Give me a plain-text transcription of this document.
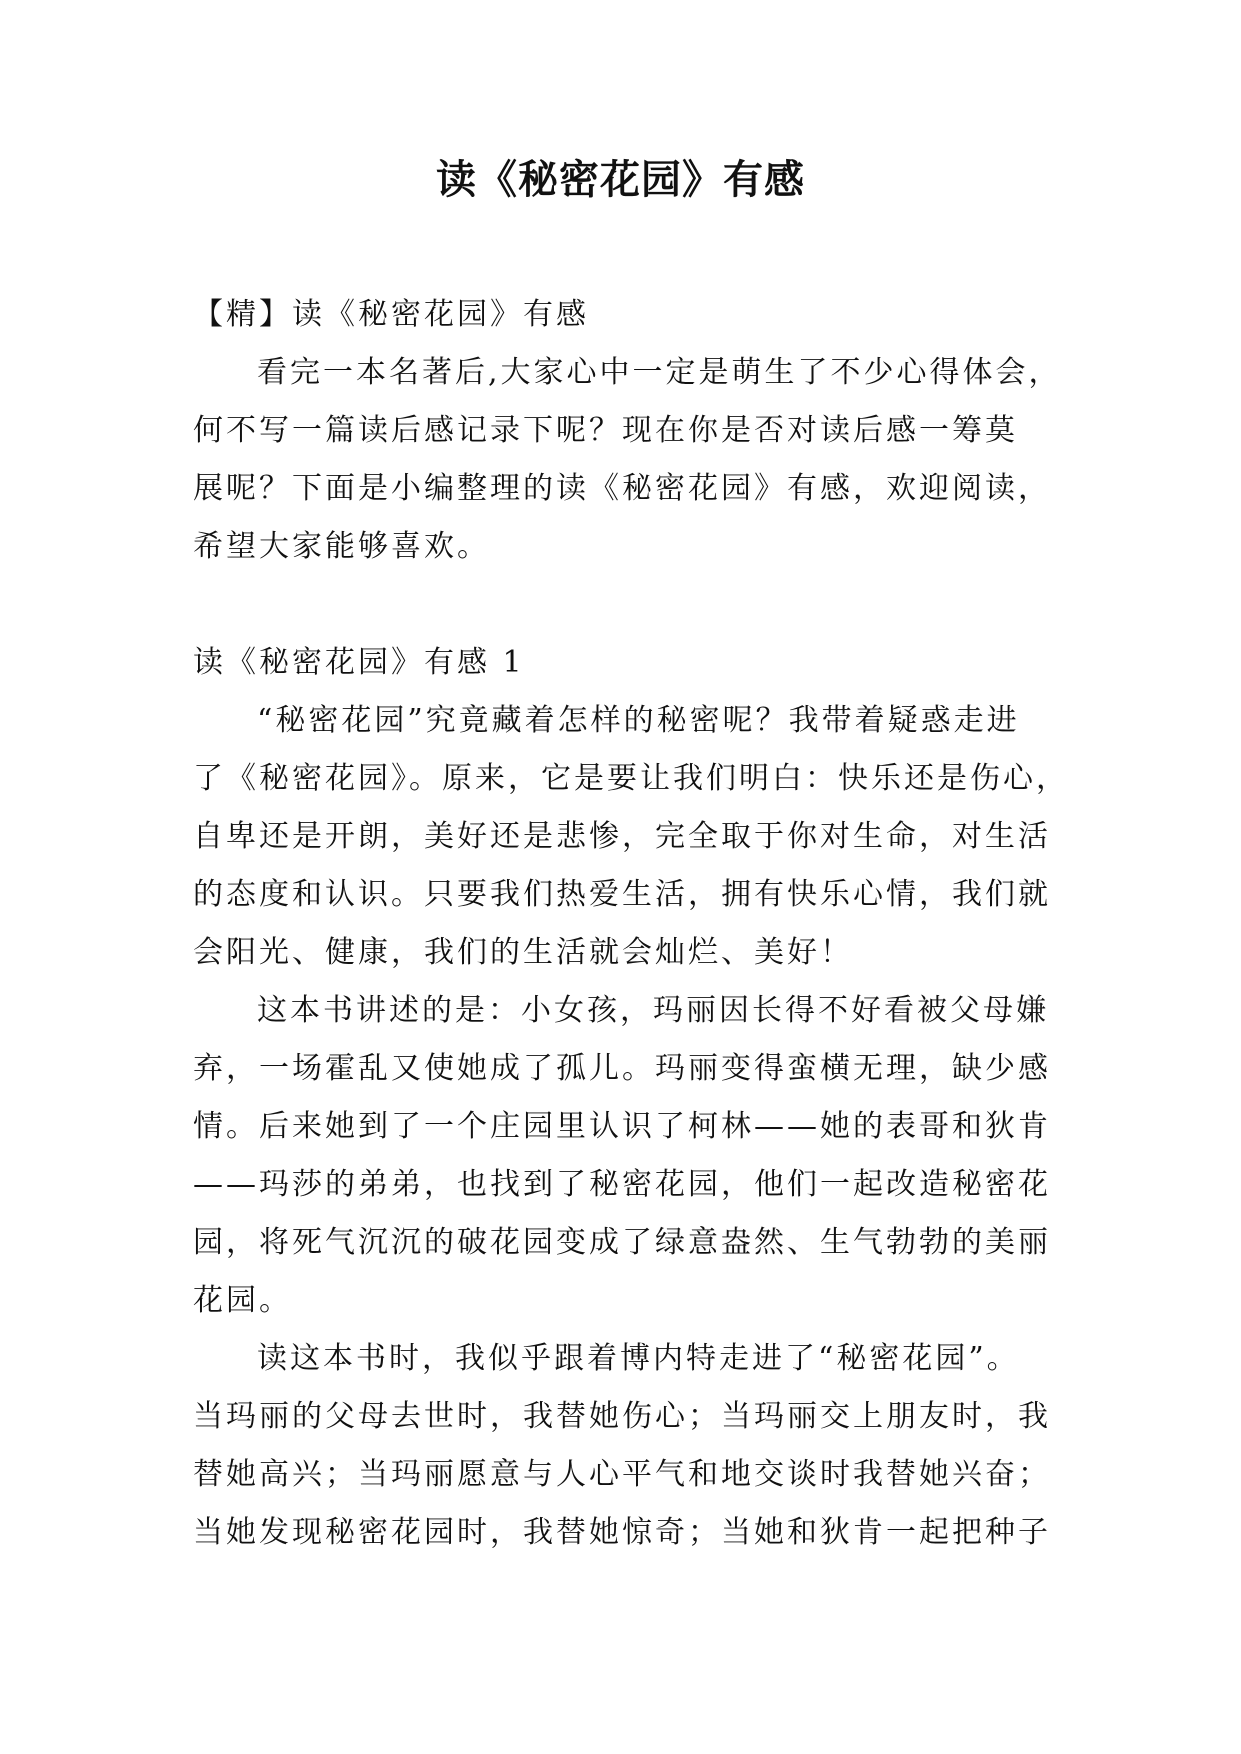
读《秘密花园》有感
【精】读《秘密花园》有感
看完一本名著后,大家心中一定是萌生了不少心得体会，
何不写一篇读后感记录下呢？现在你是否对读后感一筹莫
展呢？下面是小编整理的读《秘密花园》有感，欢迎阅读，
希望大家能够喜欢。
读《秘密花园》有感 1
“秘密花园”究竟藏着怎样的秘密呢？我带着疑惑走进
了《秘密花园》。原来，它是要让我们明白：快乐还是伤心，
自卑还是开朗，美好还是悲惨，完全取于你对生命，对生活
的态度和认识。只要我们热爱生活，拥有快乐心情，我们就
会阳光、健康，我们的生活就会灿烂、美好！
这本书讲述的是：小女孩，玛丽因长得不好看被父母嫌
弃，一场霍乱又使她成了孤儿。玛丽变得蛮横无理，缺少感
情。后来她到了一个庄园里认识了柯林——她的表哥和狄肯
——玛莎的弟弟，也找到了秘密花园，他们一起改造秘密花
园，将死气沉沉的破花园变成了绿意盎然、生气勃勃的美丽
花园。
读这本书时，我似乎跟着博内特走进了“秘密花园”。
当玛丽的父母去世时，我替她伤心；当玛丽交上朋友时，我
替她高兴；当玛丽愿意与人心平气和地交谈时我替她兴奋；
当她发现秘密花园时，我替她惊奇；当她和狄肯一起把种子
